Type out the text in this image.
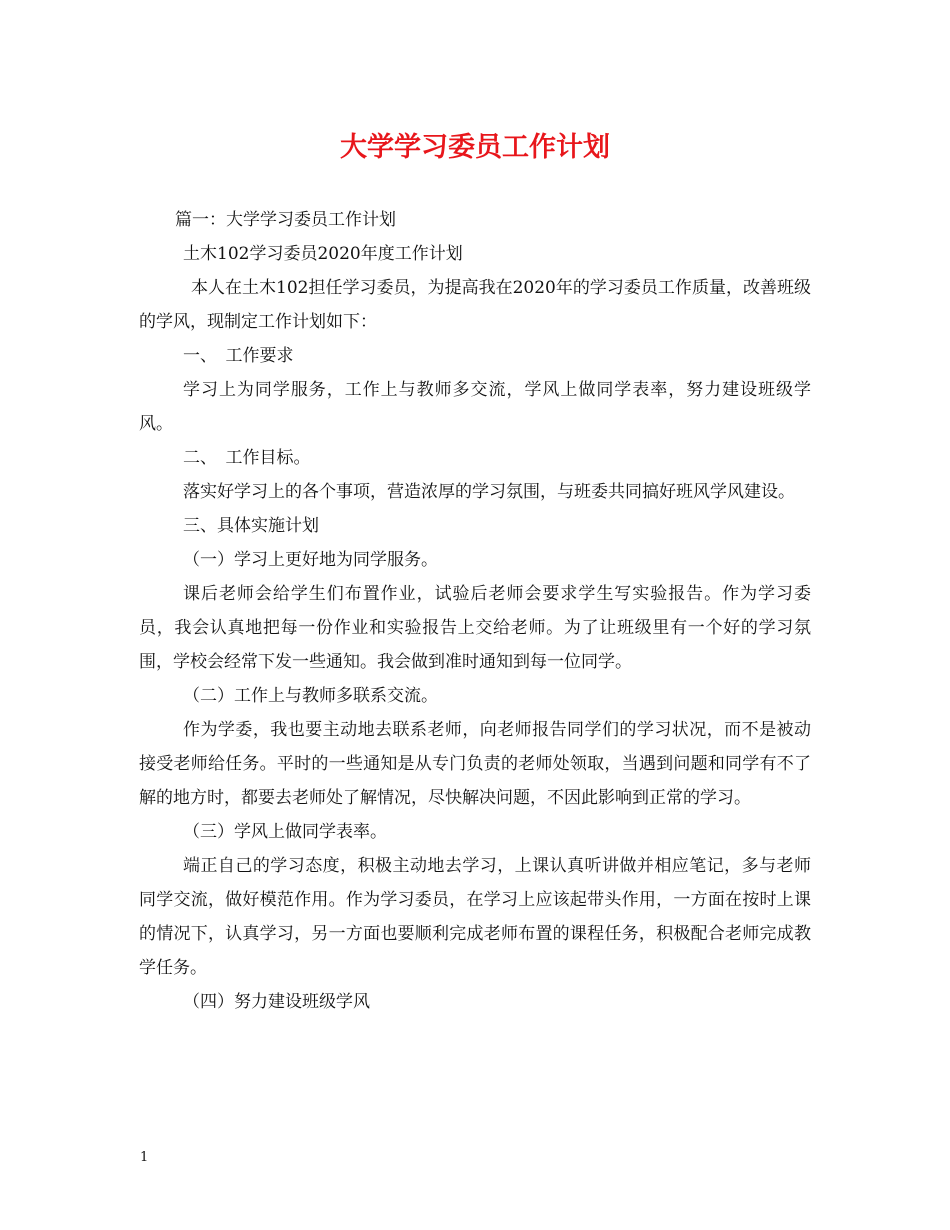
大学学习委员工作计划

篇一：大学学习委员工作计划

土木102学习委员2020年度工作计划

本人在土木102担任学习委员，为提高我在2020年的学习委员工作质量，改善班级的学风，现制定工作计划如下：

一、　工作要求

学习上为同学服务，工作上与教师多交流，学风上做同学表率，努力建设班级学风。

二、　工作目标。

落实好学习上的各个事项，营造浓厚的学习氛围，与班委共同搞好班风学风建设。

三、具体实施计划

（一）学习上更好地为同学服务。

课后老师会给学生们布置作业，试验后老师会要求学生写实验报告。作为学习委员，我会认真地把每一份作业和实验报告上交给老师。为了让班级里有一个好的学习氛围，学校会经常下发一些通知。我会做到准时通知到每一位同学。

（二）工作上与教师多联系交流。

作为学委，我也要主动地去联系老师，向老师报告同学们的学习状况，而不是被动接受老师给任务。平时的一些通知是从专门负责的老师处领取，当遇到问题和同学有不了解的地方时，都要去老师处了解情况，尽快解决问题，不因此影响到正常的学习。

（三）学风上做同学表率。

端正自己的学习态度，积极主动地去学习，上课认真听讲做并相应笔记，多与老师同学交流，做好模范作用。作为学习委员，在学习上应该起带头作用，一方面在按时上课的情况下，认真学习，另一方面也要顺利完成老师布置的课程任务，积极配合老师完成教学任务。

（四）努力建设班级学风

1
